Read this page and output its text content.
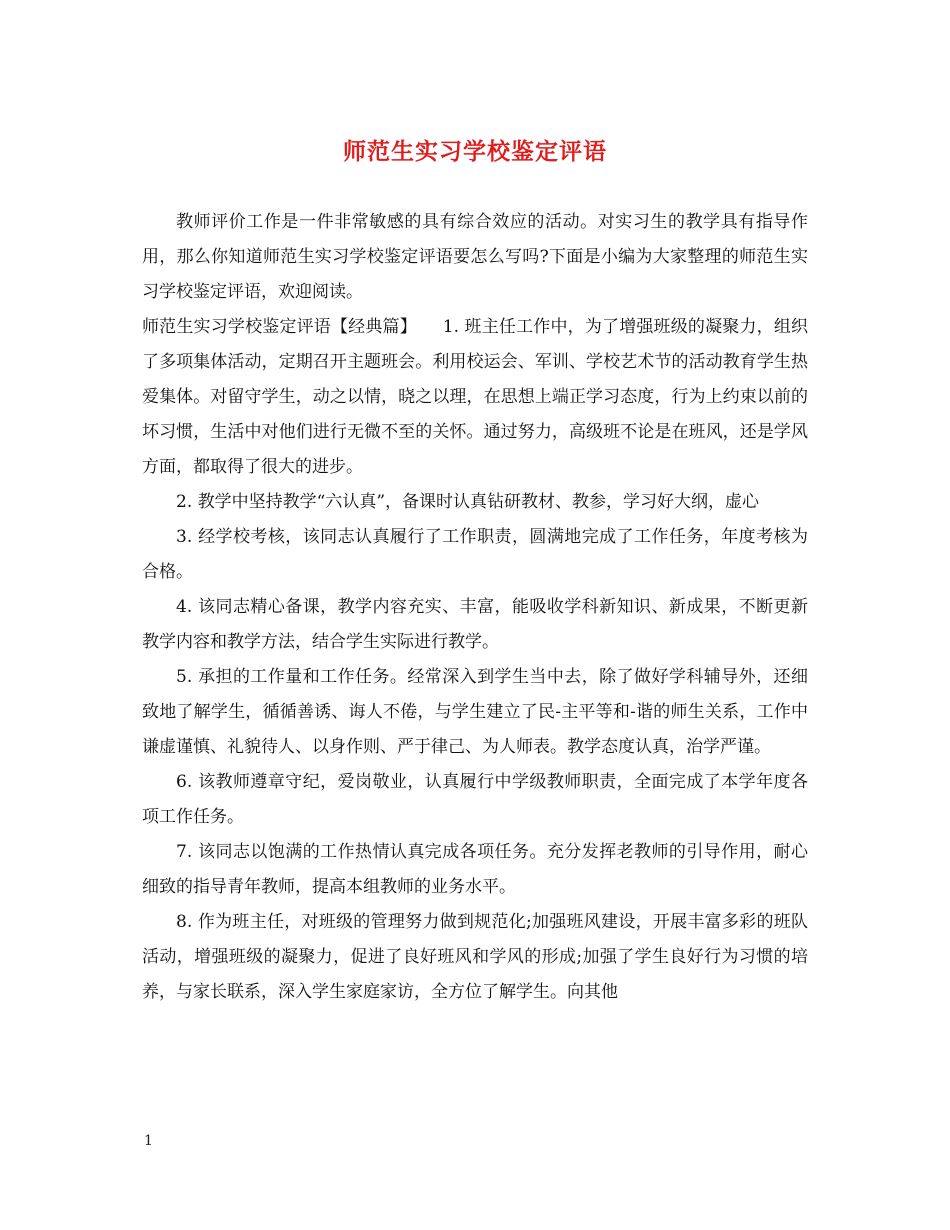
师范生实习学校鉴定评语

教师评价工作是一件非常敏感的具有综合效应的活动。对实习生的教学具有指导作用，那么你知道师范生实习学校鉴定评语要怎么写吗?下面是小编为大家整理的师范生实习学校鉴定评语，欢迎阅读。

师范生实习学校鉴定评语【经典篇】　　1. 班主任工作中，为了增强班级的凝聚力，组织了多项集体活动，定期召开主题班会。利用校运会、军训、学校艺术节的活动教育学生热爱集体。对留守学生，动之以情，晓之以理，在思想上端正学习态度，行为上约束以前的坏习惯，生活中对他们进行无微不至的关怀。通过努力，高级班不论是在班风，还是学风方面，都取得了很大的进步。

2. 教学中坚持教学“六认真”，备课时认真钻研教材、教参，学习好大纲，虚心

3. 经学校考核，该同志认真履行了工作职责，圆满地完成了工作任务，年度考核为合格。

4. 该同志精心备课，教学内容充实、丰富，能吸收学科新知识、新成果，不断更新教学内容和教学方法，结合学生实际进行教学。

5. 承担的工作量和工作任务。经常深入到学生当中去，除了做好学科辅导外，还细致地了解学生，循循善诱、诲人不倦，与学生建立了民-主平等和-谐的师生关系，工作中谦虚谨慎、礼貌待人、以身作则、严于律己、为人师表。教学态度认真，治学严谨。

6. 该教师遵章守纪，爱岗敬业，认真履行中学级教师职责，全面完成了本学年度各项工作任务。

7. 该同志以饱满的工作热情认真完成各项任务。充分发挥老教师的引导作用，耐心细致的指导青年教师，提高本组教师的业务水平。

8. 作为班主任，对班级的管理努力做到规范化;加强班风建设，开展丰富多彩的班队活动，增强班级的凝聚力，促进了良好班风和学风的形成;加强了学生良好行为习惯的培养，与家长联系，深入学生家庭家访，全方位了解学生。向其他

1
